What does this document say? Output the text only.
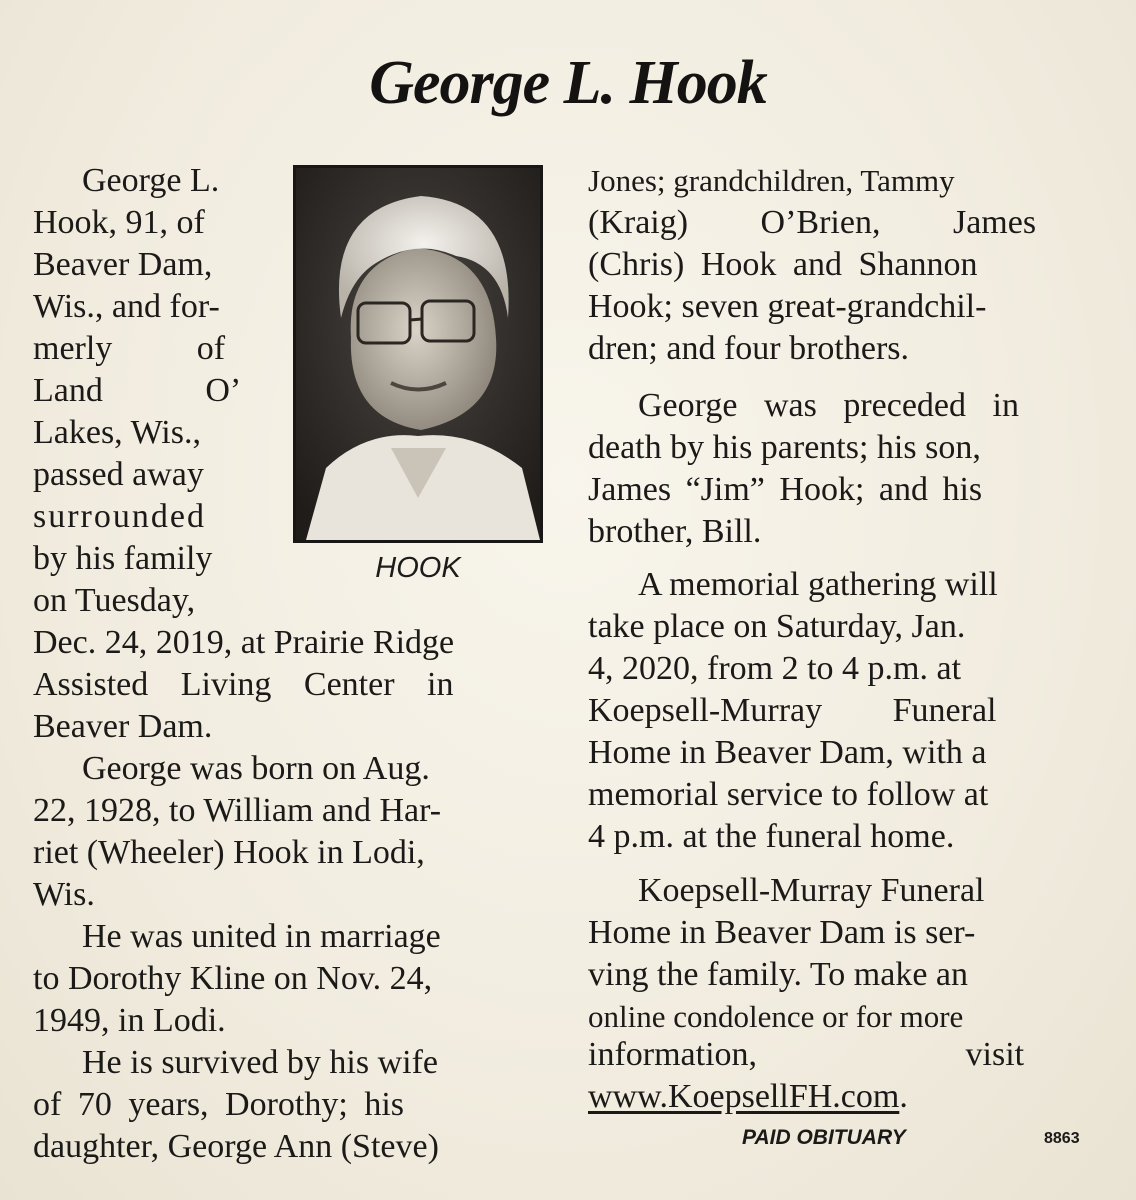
George L. Hook
HOOK
George L.
Hook, 91, of
Beaver Dam,
Wis., and for-
merly of
Land O’
Lakes, Wis.,
passed away
surrounded
by his family
on Tuesday,
Dec. 24, 2019, at Prairie Ridge
Assisted Living Center in
Beaver Dam.
George was born on Aug.
22, 1928, to William and Har-
riet (Wheeler) Hook in Lodi,
Wis.
He was united in marriage
to Dorothy Kline on Nov. 24,
1949, in Lodi.
He is survived by his wife
of 70 years, Dorothy; his
daughter, George Ann (Steve)
Jones; grandchildren, Tammy
(Kraig) O’Brien, James
(Chris) Hook and Shannon
Hook; seven great-grandchil-
dren; and four brothers.
George was preceded in
death by his parents; his son,
James “Jim” Hook; and his
brother, Bill.
A memorial gathering will
take place on Saturday, Jan.
4, 2020, from 2 to 4 p.m. at
Koepsell-Murray Funeral
Home in Beaver Dam, with a
memorial service to follow at
4 p.m. at the funeral home.
Koepsell-Murray Funeral
Home in Beaver Dam is ser-
ving the family. To make an
online condolence or for more
information, visit
www.KoepsellFH.com.
PAID OBITUARY	8863
